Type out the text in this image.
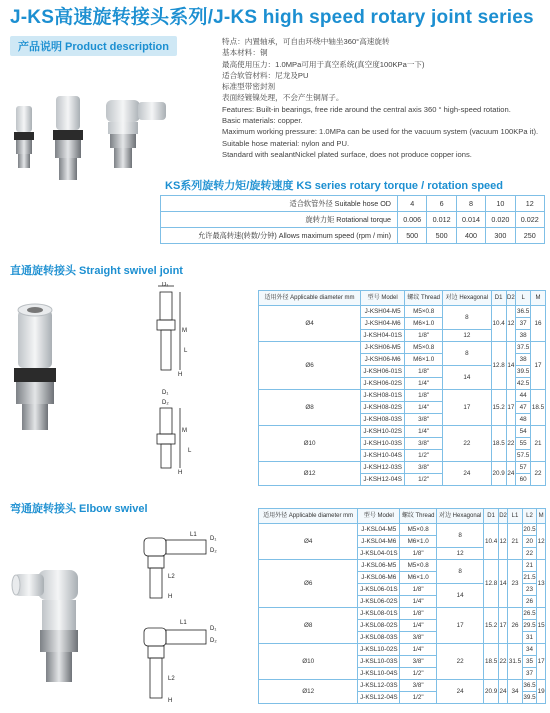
J-KS高速旋转接头系列/J-KS high speed rotary joint series
产品说明 Product description	特点：内置轴承，可自由环绕中轴坐360°高速旋转
基本材料：铜
最高使用压力：1.0MPa可用于真空系统(真空度100KPa一下)
适合软管材料：尼龙及PU
标准型带密封剂
表面经镀镍处理，不会产生铜屑子。
Features: Built-in bearings, free ride around the central axis 360 ° high-speed rotation.
Basic materials: copper.
Maximum working pressure: 1.0MPa can be used for the vacuum system (vacuum 100KPa it).
Suitable hose material: nylon and PU.
Standard with sealantNickel plated surface, does not produce copper ions.
KS系列旋转力矩/旋转速度 KS series rotary torque / rotation speed
适合软管外径 Suitable hose OD	4	6	8	10	12
旋转力矩 Rotational torque	0.006	0.012	0.014	0.020	0.022
允许最高转速(转数/分钟) Allows maximum speed (rpm / min)	500	500	400	300	250
直通旋转接头 Straight swivel joint
D₁
M
L
H
D₁
D₂
M
L
H
适用外径 Applicable diameter mm	型号 Model	螺纹 Thread	对边 Hexagonal	D1	D2	L	M
Ø4	J-KSH04-M5	M5×0.8	8	10.4	12	36.5	16
	J-KSH04-M6	M6×1.0				37	
	J-KSH04-01S	1/8"	12			38	
Ø6	J-KSH06-M5	M5×0.8	8	12.8	14	37.5	17
	J-KSH06-M6	M6×1.0				38	
	J-KSH06-01S	1/8"	14			39.5	
	J-KSH06-02S	1/4"				42.5	
Ø8	J-KSH08-01S	1/8"	17	15.2	17	44	18.5
	J-KSH08-02S	1/4"				47	
	J-KSH08-03S	3/8"				48	
Ø10	J-KSH10-02S	1/4"	22	18.5	22	54	21
	J-KSH10-03S	3/8"				55	
	J-KSH10-04S	1/2"				57.5	
Ø12	J-KSH12-03S	3/8"	24	20.9	24	57	22
	J-KSH12-04S	1/2"				60	
弯通旋转接头 Elbow swivel
L1
D₁
D₂
L2
H
L1
D₁
D₂
L2
H
适用外径 Applicable diameter mm	型号 Model	螺纹 Thread	对边 Hexagonal	D1	D2	L1	L2	M
Ø4	J-KSL04-M5	M5×0.8	8	10.4	12	21	20.5	12
	J-KSL04-M6	M6×1.0					20	
	J-KSL04-01S	1/8"	12				22	
Ø6	J-KSL06-M5	M5×0.8	8	12.8	14	23	21	13
	J-KSL06-M6	M6×1.0					21.5	
	J-KSL06-01S	1/8"	14				23	
	J-KSL06-02S	1/4"					26	
Ø8	J-KSL08-01S	1/8"	17	15.2	17	26	26.5	15
	J-KSL08-02S	1/4"					29.5	
	J-KSL08-03S	3/8"					31	
Ø10	J-KSL10-02S	1/4"	22	18.5	22	31.5	34	17
	J-KSL10-03S	3/8"					35	
	J-KSL10-04S	1/2"					37	
Ø12	J-KSL12-03S	3/8"	24	20.9	24	34	36.5	19
	J-KSL12-04S	1/2"					39.5	
